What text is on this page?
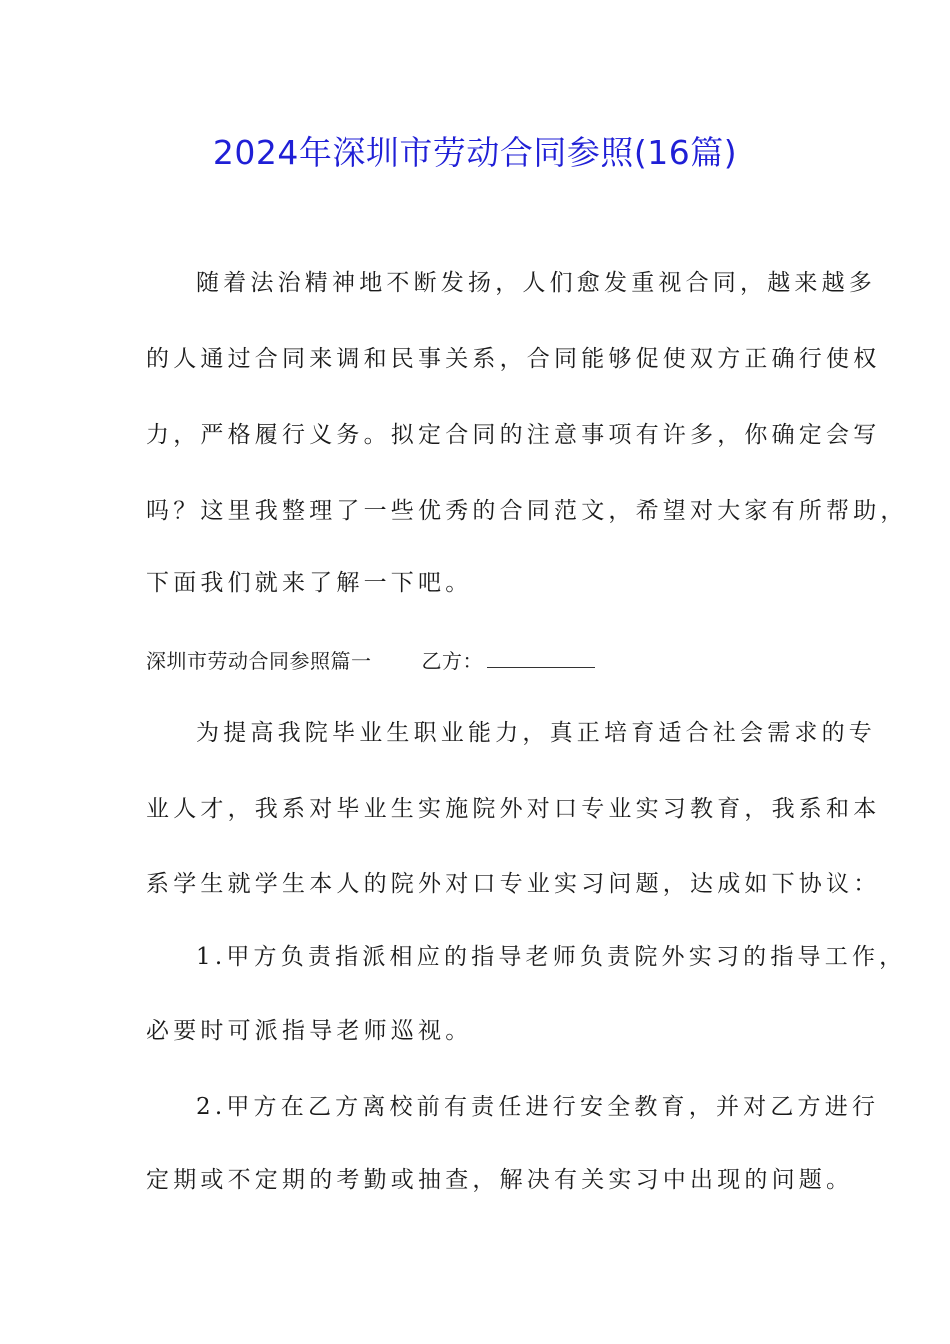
2024年深圳市劳动合同参照(16篇)

随着法治精神地不断发扬，人们愈发重视合同，越来越多

的人通过合同来调和民事关系，合同能够促使双方正确行使权

力，严格履行义务。拟定合同的注意事项有许多，你确定会写

吗？这里我整理了一些优秀的合同范文，希望对大家有所帮助，

下面我们就来了解一下吧。

深圳市劳动合同参照篇一	乙方：

为提高我院毕业生职业能力，真正培育适合社会需求的专

业人才，我系对毕业生实施院外对口专业实习教育，我系和本

系学生就学生本人的院外对口专业实习问题，达成如下协议：

1.甲方负责指派相应的指导老师负责院外实习的指导工作，

必要时可派指导老师巡视。

2.甲方在乙方离校前有责任进行安全教育，并对乙方进行

定期或不定期的考勤或抽查，解决有关实习中出现的问题。
